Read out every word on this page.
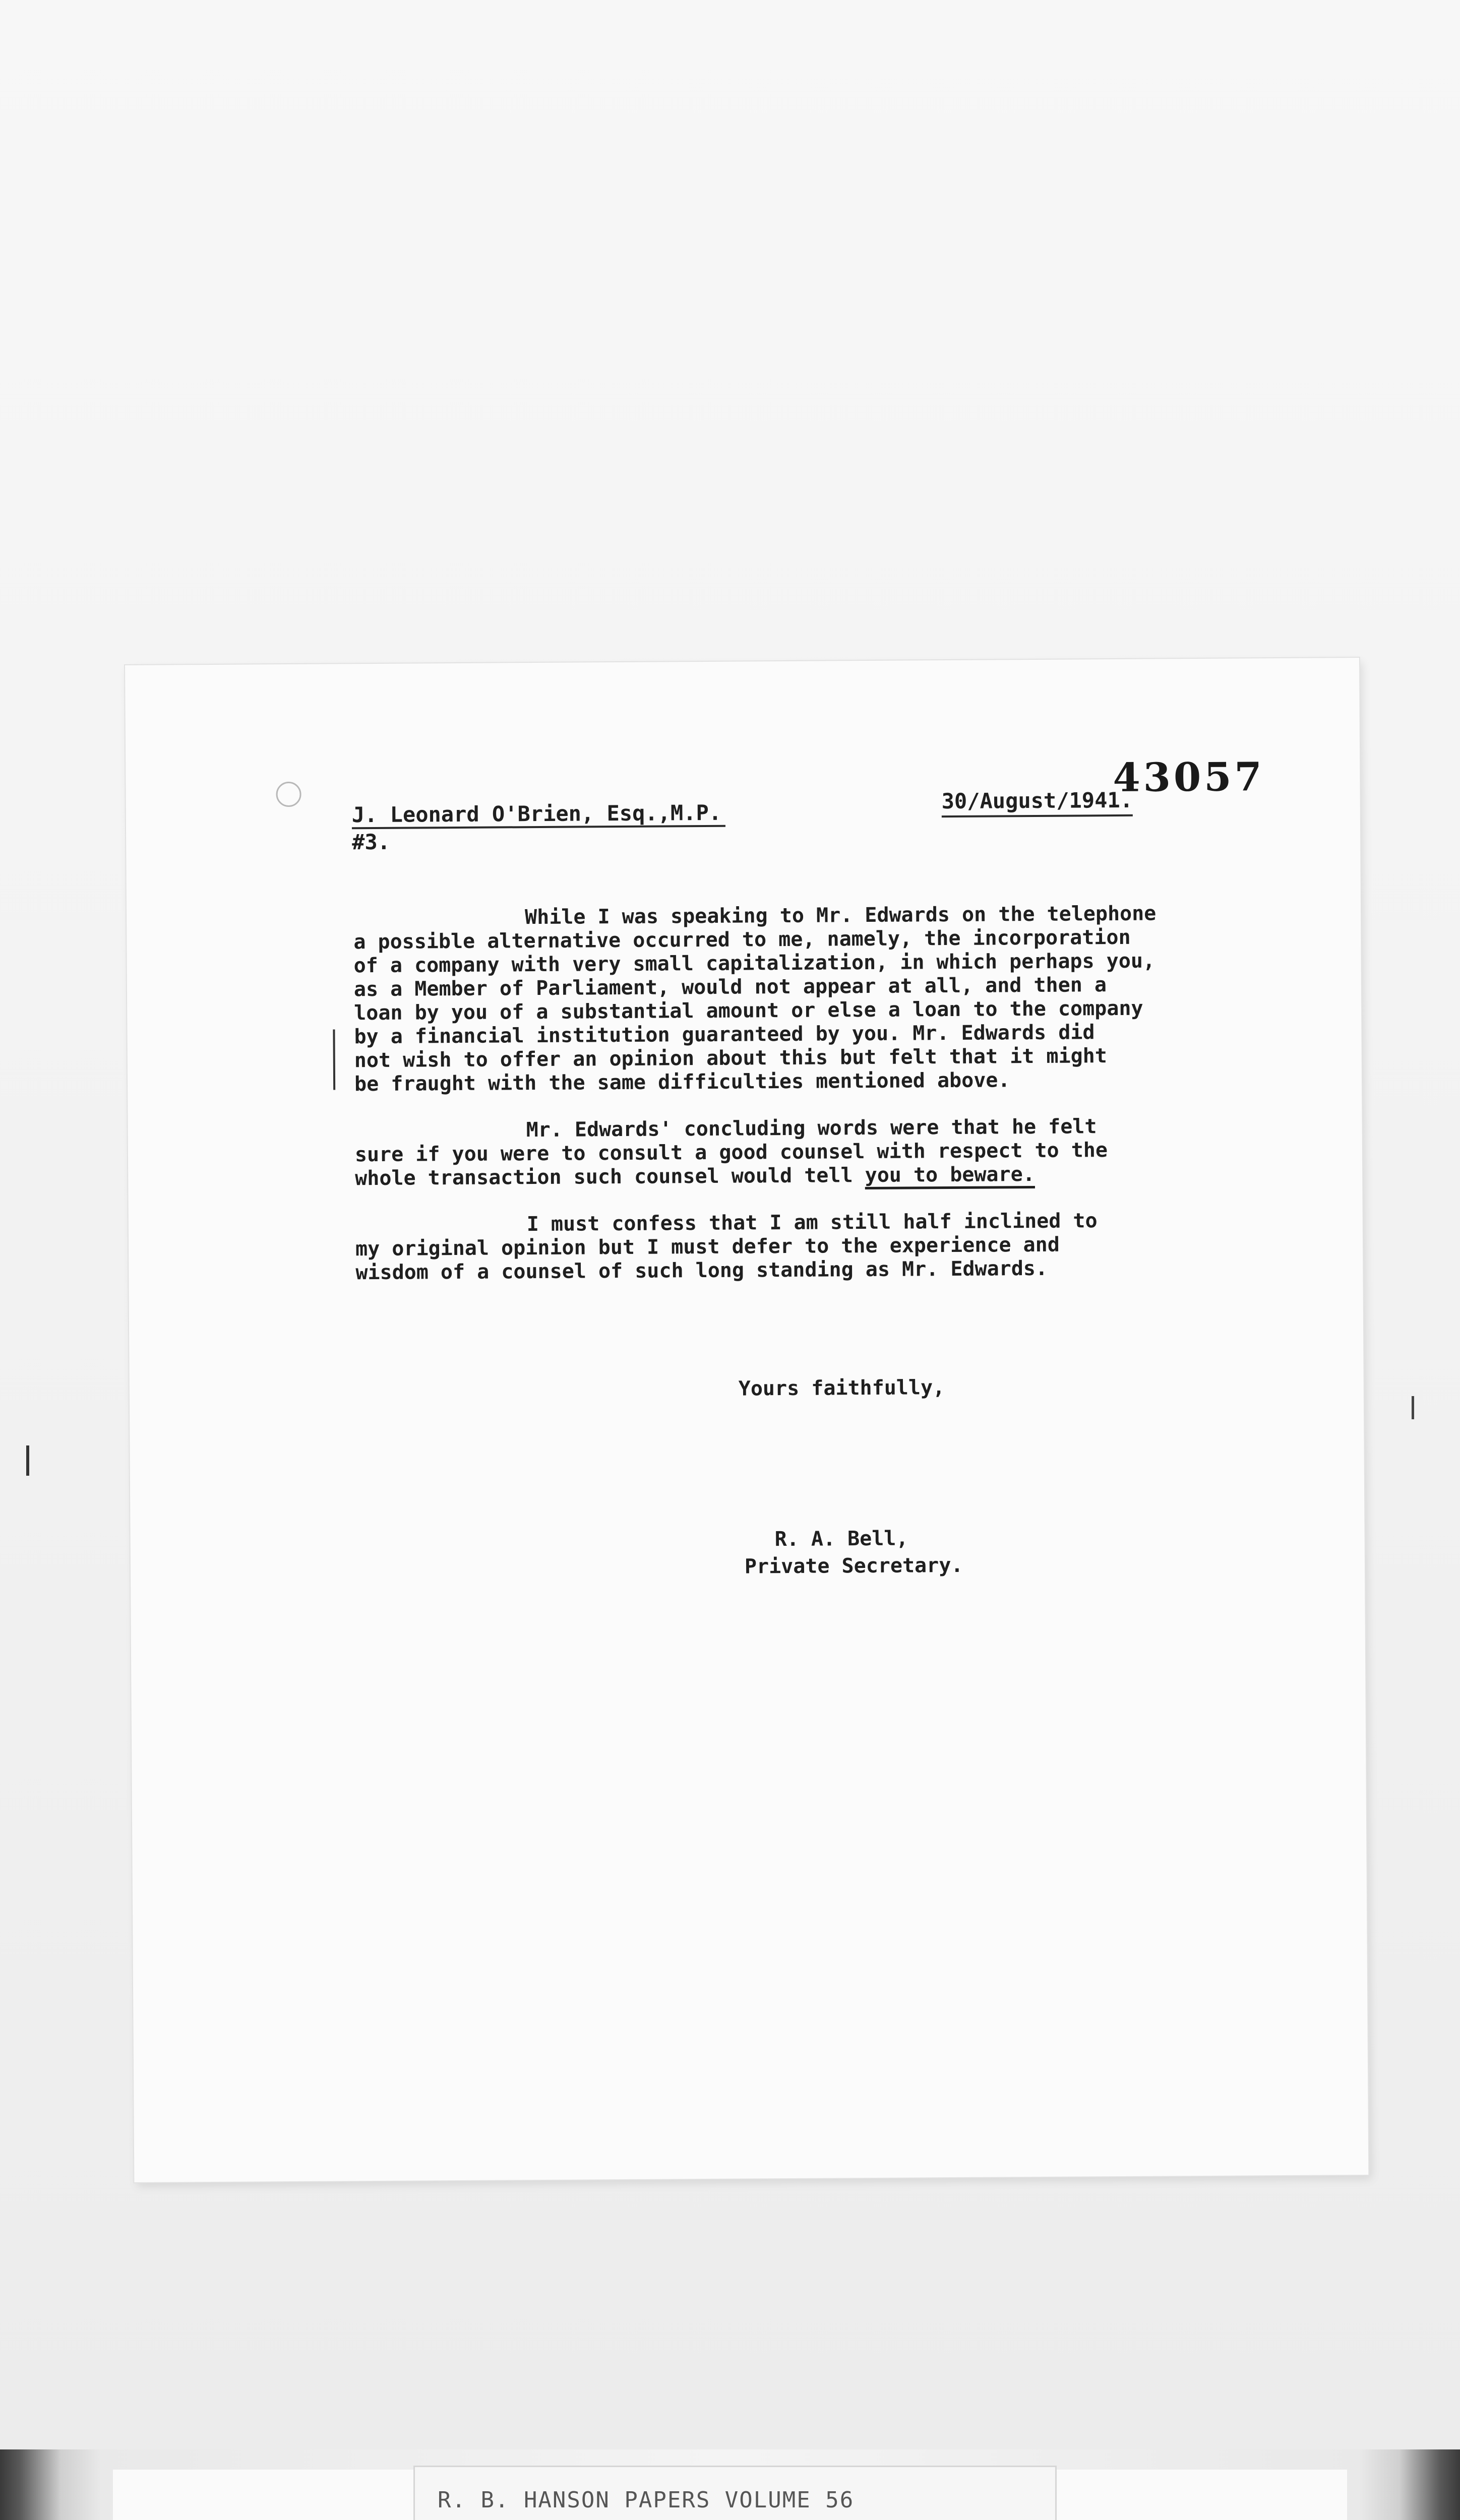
43057
J. Leonard O'Brien, Esq.,M.P.
#3.
30/August/1941.
While I was speaking to Mr. Edwards on the telephone
a possible alternative occurred to me, namely, the incorporation
of a company with very small capitalization, in which perhaps you,
as a Member of Parliament, would not appear at all, and then a
loan by you of a substantial amount or else a loan to the company
by a financial institution guaranteed by you. Mr. Edwards did
not wish to offer an opinion about this but felt that it might
be fraught with the same difficulties mentioned above.
Mr. Edwards' concluding words were that he felt
sure if you were to consult a good counsel with respect to the
whole transaction such counsel would tell you to beware.
I must confess that I am still half inclined to
my original opinion but I must defer to the experience and
wisdom of a counsel of such long standing as Mr. Edwards.
Yours faithfully,
R. A. Bell,
Private Secretary.
R. B. HANSON PAPERS VOLUME 56
